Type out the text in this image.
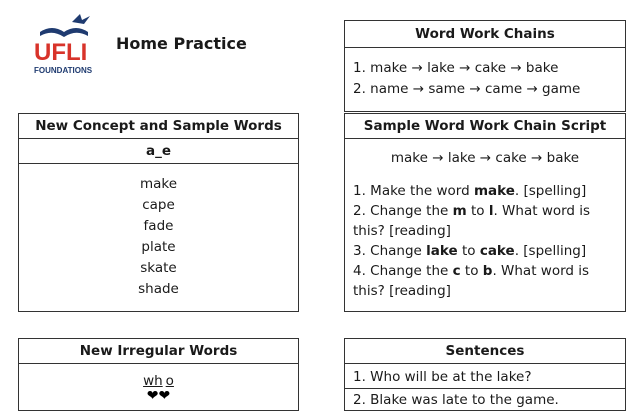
UFLI
FOUNDATIONS
Home Practice	Word Work Chains
1. make → lake → cake → bake
2. name → same → came → game
New Concept and Sample Words
a_e
make
cape
fade
plate
skate
shade
Sample Word Work Chain Script
make → lake → cake → bake
1. Make the word make. [spelling]
2. Change the m to l. What word is this? [reading]
3. Change lake to cake. [spelling]
4. Change the c to b. What word is this? [reading]
New Irregular Words
wh o
❤❤
Sentences
1. Who will be at the lake?
2. Blake was late to the game.
